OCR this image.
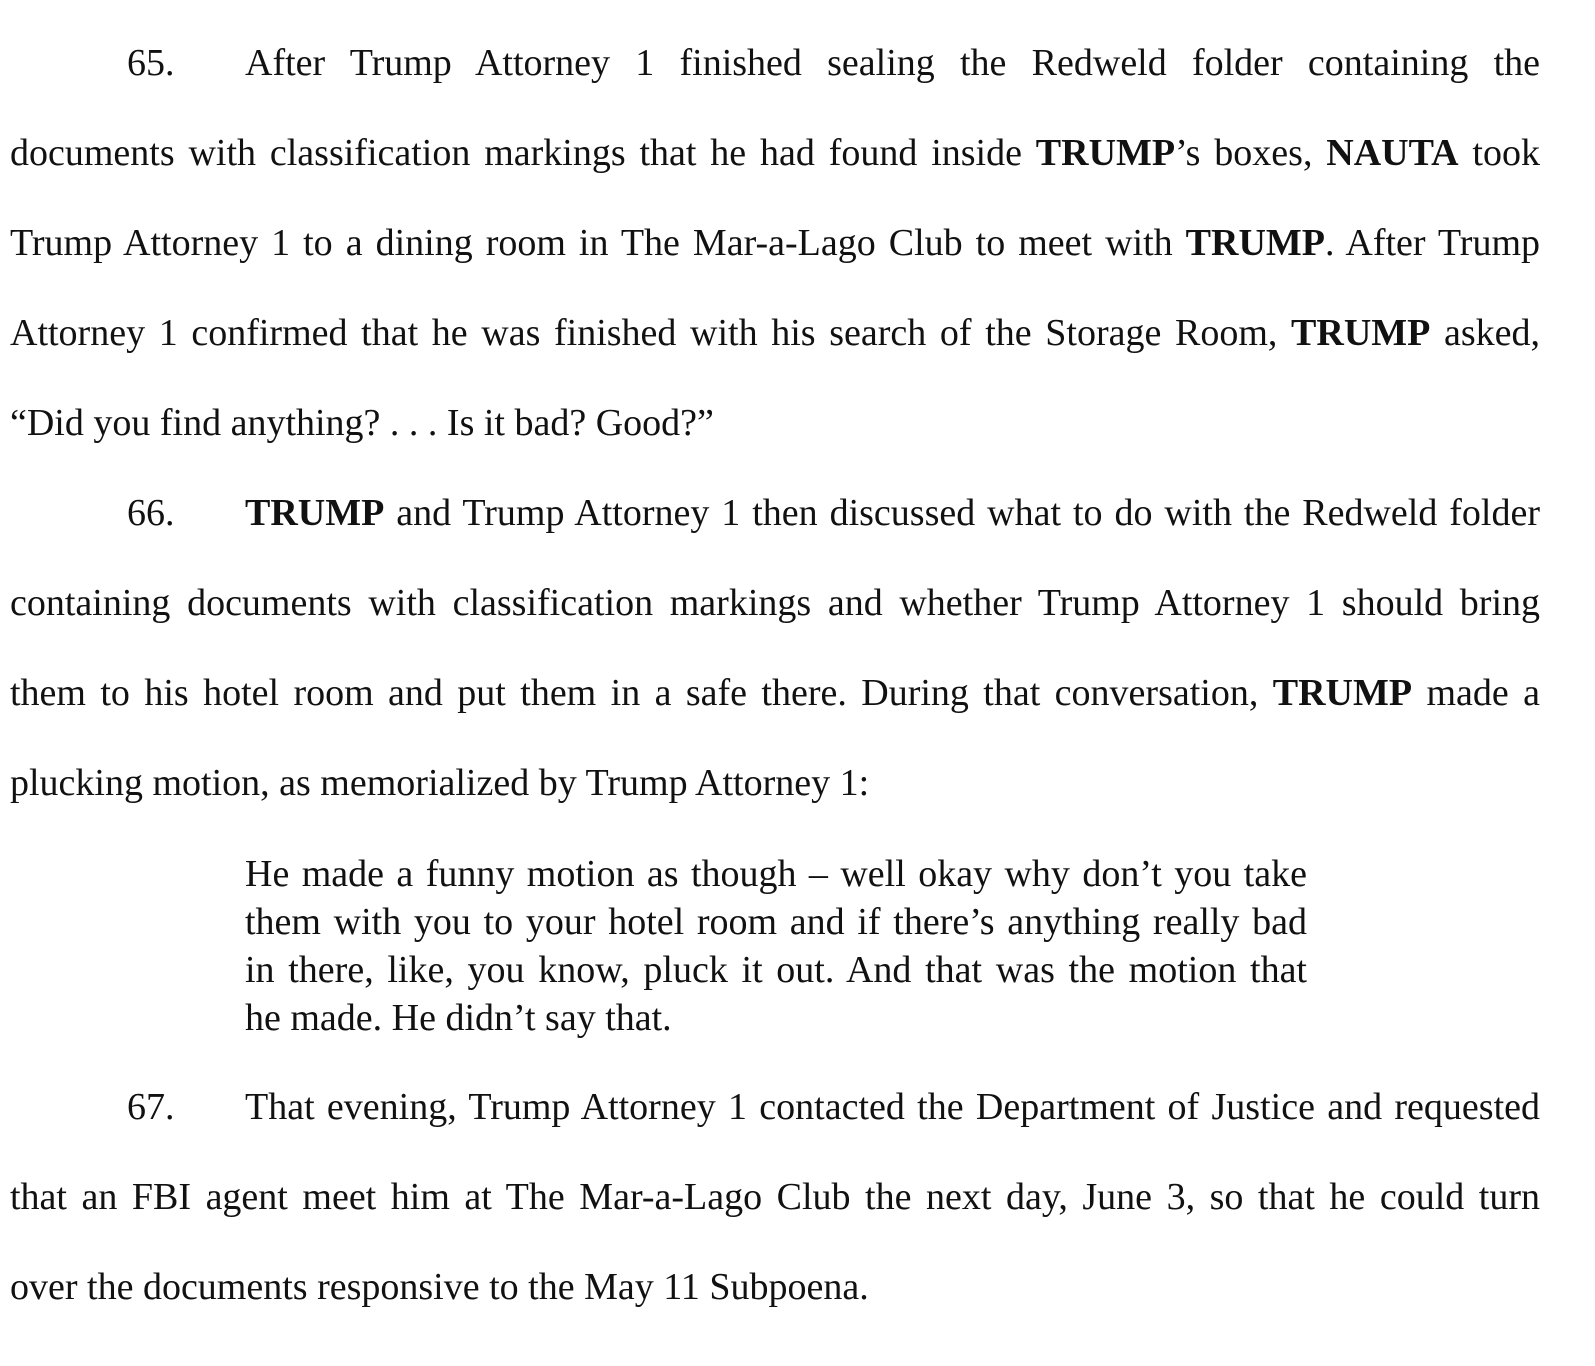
65. After Trump Attorney 1 finished sealing the Redweld folder containing the
documents with classification markings that he had found inside TRUMP’s boxes, NAUTA took
Trump Attorney 1 to a dining room in The Mar-a-Lago Club to meet with TRUMP. After Trump
Attorney 1 confirmed that he was finished with his search of the Storage Room, TRUMP asked,
“Did you find anything? . . . Is it bad? Good?”
66. TRUMP and Trump Attorney 1 then discussed what to do with the Redweld folder
containing documents with classification markings and whether Trump Attorney 1 should bring
them to his hotel room and put them in a safe there. During that conversation, TRUMP made a
plucking motion, as memorialized by Trump Attorney 1:
He made a funny motion as though – well okay why don’t you take
them with you to your hotel room and if there’s anything really bad
in there, like, you know, pluck it out. And that was the motion that
he made. He didn’t say that.
67. That evening, Trump Attorney 1 contacted the Department of Justice and requested
that an FBI agent meet him at The Mar-a-Lago Club the next day, June 3, so that he could turn
over the documents responsive to the May 11 Subpoena.
